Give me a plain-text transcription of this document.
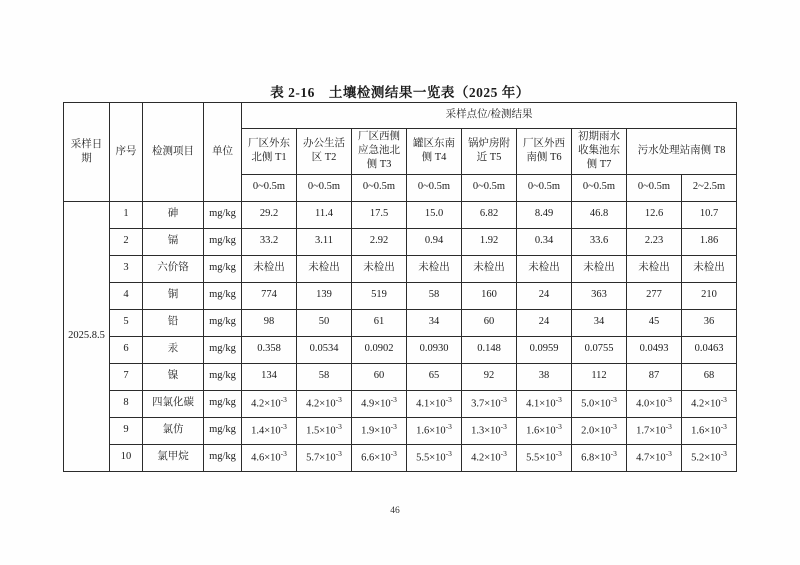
表 2-16　土壤检测结果一览表（2025 年）
采样日期	序号	检测项目	单位	采样点位/检测结果								
				厂区外东北侧 T1	办公生活区 T2	厂区西侧应急池北侧 T3	罐区东南侧 T4	锅炉房附近 T5	厂区外西南侧 T6	初期雨水收集池东侧 T7	污水处理站南侧 T8	
				0~0.5m	0~0.5m	0~0.5m	0~0.5m	0~0.5m	0~0.5m	0~0.5m	0~0.5m	2~2.5m
2025.8.5	1	砷	mg/kg	29.2	11.4	17.5	15.0	6.82	8.49	46.8	12.6	10.7
	2	镉	mg/kg	33.2	3.11	2.92	0.94	1.92	0.34	33.6	2.23	1.86
	3	六价铬	mg/kg	未检出	未检出	未检出	未检出	未检出	未检出	未检出	未检出	未检出
	4	铜	mg/kg	774	139	519	58	160	24	363	277	210
	5	铅	mg/kg	98	50	61	34	60	24	34	45	36
	6	汞	mg/kg	0.358	0.0534	0.0902	0.0930	0.148	0.0959	0.0755	0.0493	0.0463
	7	镍	mg/kg	134	58	60	65	92	38	112	87	68
	8	四氯化碳	mg/kg	$4.2\times 10^{-3}$	$4.2\times 10^{-3}$	$4.9\times 10^{-3}$	$4.1\times 10^{-3}$	$3.7\times 10^{-3}$	$4.1\times 10^{-3}$	$5.0\times 10^{-3}$	$4.0\times 10^{-3}$	$4.2\times 10^{-3}$
	9	氯仿	mg/kg	$1.4\times 10^{-3}$	$1.5\times 10^{-3}$	$1.9\times 10^{-3}$	$1.6\times 10^{-3}$	$1.3\times 10^{-3}$	$1.6\times 10^{-3}$	$2.0\times 10^{-3}$	$1.7\times 10^{-3}$	$1.6\times 10^{-3}$
	10	氯甲烷	mg/kg	$4.6\times 10^{-3}$	$5.7\times 10^{-3}$	$6.6\times 10^{-3}$	$5.5\times 10^{-3}$	$4.2\times 10^{-3}$	$5.5\times 10^{-3}$	$6.8\times 10^{-3}$	$4.7\times 10^{-3}$	$5.2\times 10^{-3}$
46
